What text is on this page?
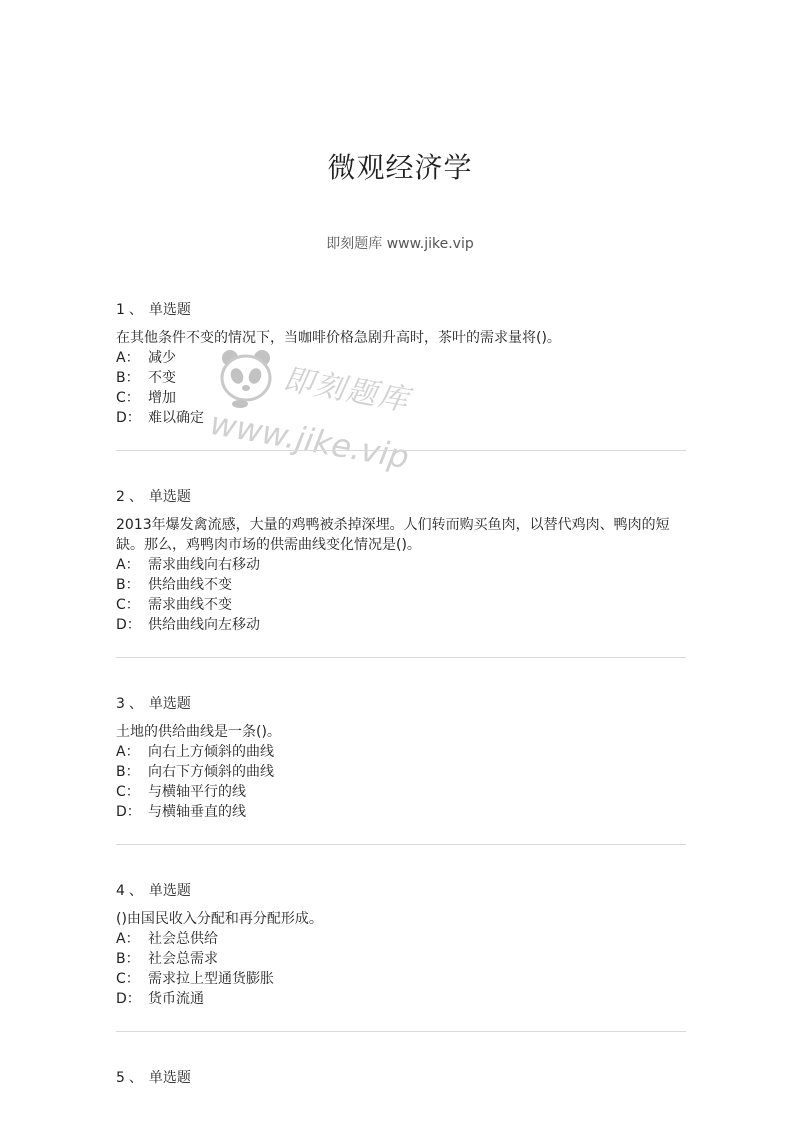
微观经济学
即刻题库 www.jike.vip
即刻题库
www.jike.vip
1 、 单选题
在其他条件不变的情况下，当咖啡价格急剧升高时，茶叶的需求量将()。
A： 减少
B： 不变
C： 增加
D： 难以确定
2 、 单选题
2013年爆发禽流感，大量的鸡鸭被杀掉深埋。人们转而购买鱼肉，以替代鸡肉、鸭肉的短缺。那么，鸡鸭肉市场的供需曲线变化情况是()。
A： 需求曲线向右移动
B： 供给曲线不变
C： 需求曲线不变
D： 供给曲线向左移动
3 、 单选题
土地的供给曲线是一条()。
A： 向右上方倾斜的曲线
B： 向右下方倾斜的曲线
C： 与横轴平行的线
D： 与横轴垂直的线
4 、 单选题
()由国民收入分配和再分配形成。
A： 社会总供给
B： 社会总需求
C： 需求拉上型通货膨胀
D： 货币流通
5 、 单选题
